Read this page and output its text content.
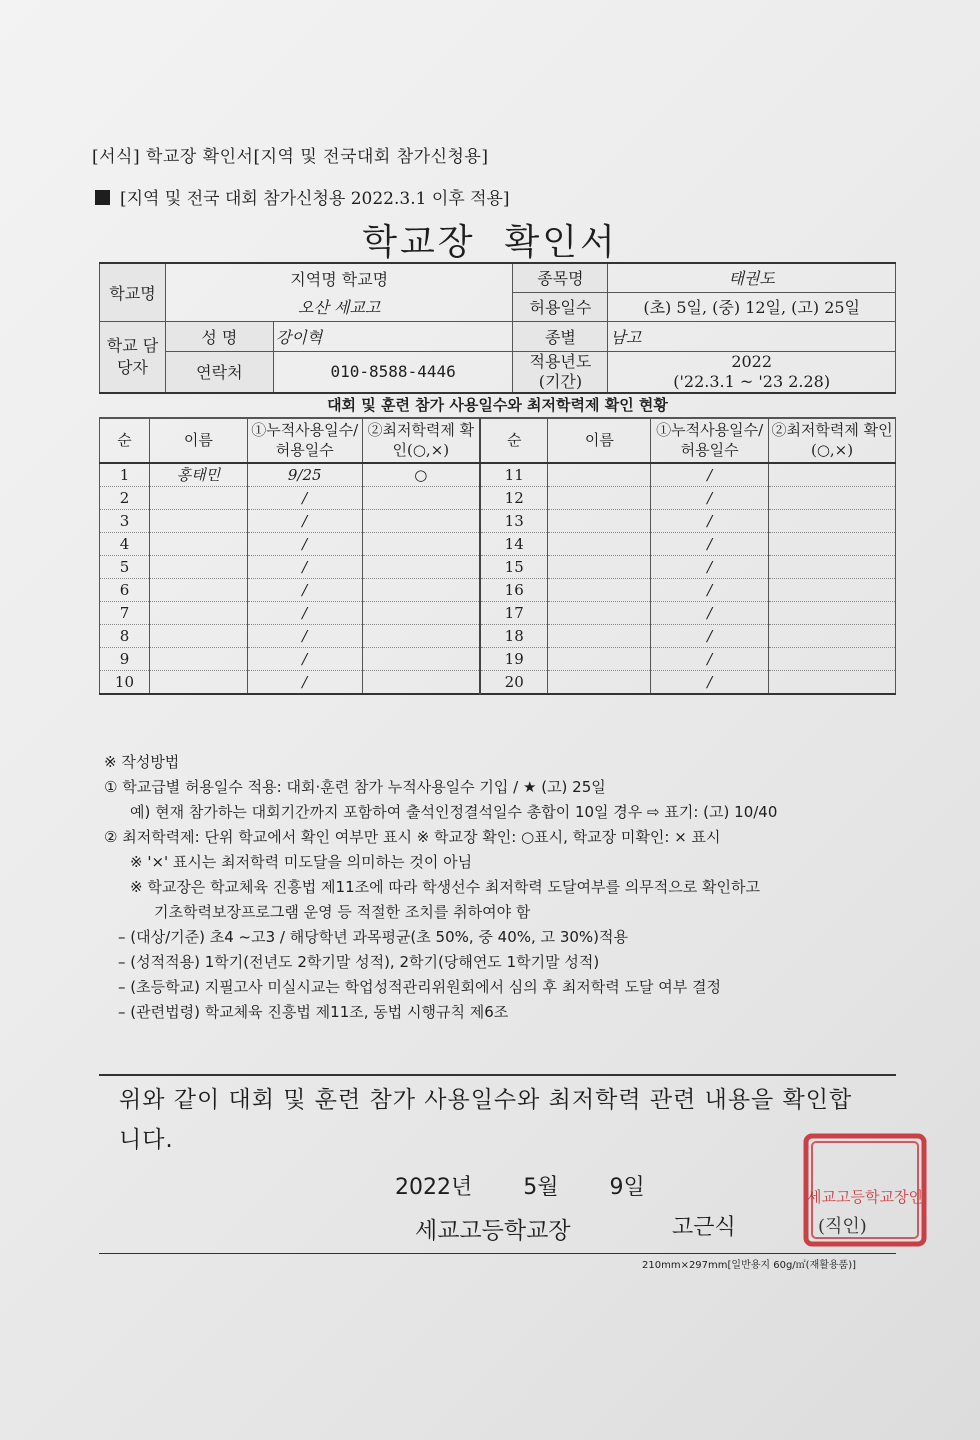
[서식] 학교장 확인서[지역 및 전국대회 참가신청용]
[지역 및 전국 대회 참가신청용 2022.3.1 이후 적용]
학교장 확인서
학교명	지역명 학교명		종목명	태권도
	오산 세교고		허용일수	(초) 5일, (중) 12일, (고) 25일
학교 담당자	성 명	강이혁	종별	남고
	연락처	010-8588-4446	적용년도 (기간)	2022
('22.3.1 ~ '23 2.28)
대회 및 훈련 참가 사용일수와 최저학력제 확인 현황
순	이름	①누적사용일수/ 허용일수	②최저학력제 확인(○,×)	순	이름	①누적사용일수/ 허용일수	②최저학력제 확인(○,×)
1	홍태민	9/25	○	11		/	
2		/		12		/	
3		/		13		/	
4		/		14		/	
5		/		15		/	
6		/		16		/	
7		/		17		/	
8		/		18		/	
9		/		19		/	
10		/		20		/	
※ 작성방법
① 학교급별 허용일수 적용: 대회·훈련 참가 누적사용일수 기입 / ★ (고) 25일
예) 현재 참가하는 대회기간까지 포함하여 출석인정결석일수 총합이 10일 경우 ⇨ 표기: (고) 10/40
② 최저학력제: 단위 학교에서 확인 여부만 표시 ※ 학교장 확인: ○표시, 학교장 미확인: × 표시
※ '×' 표시는 최저학력 미도달을 의미하는 것이 아님
※ 학교장은 학교체육 진흥법 제11조에 따라 학생선수 최저학력 도달여부를 의무적으로 확인하고
기초학력보장프로그램 운영 등 적절한 조치를 취하여야 함
– (대상/기준) 초4 ~고3 / 해당학년 과목평균(초 50%, 중 40%, 고 30%)적용
– (성적적용) 1학기(전년도 2학기말 성적), 2학기(당해연도 1학기말 성적)
– (초등학교) 지필고사 미실시교는 학업성적관리위원회에서 심의 후 최저학력 도달 여부 결정
– (관련법령) 학교체육 진흥법 제11조, 동법 시행규칙 제6조
위와 같이 대회 및 훈련 참가 사용일수와 최저학력 관련 내용을 확인합
니다.
2022년 5월 9일
세교고등학교장	고근식
세교고등학교장인
(직인)
210mm×297mm[일반용지 60g/㎡(재활용품)]
